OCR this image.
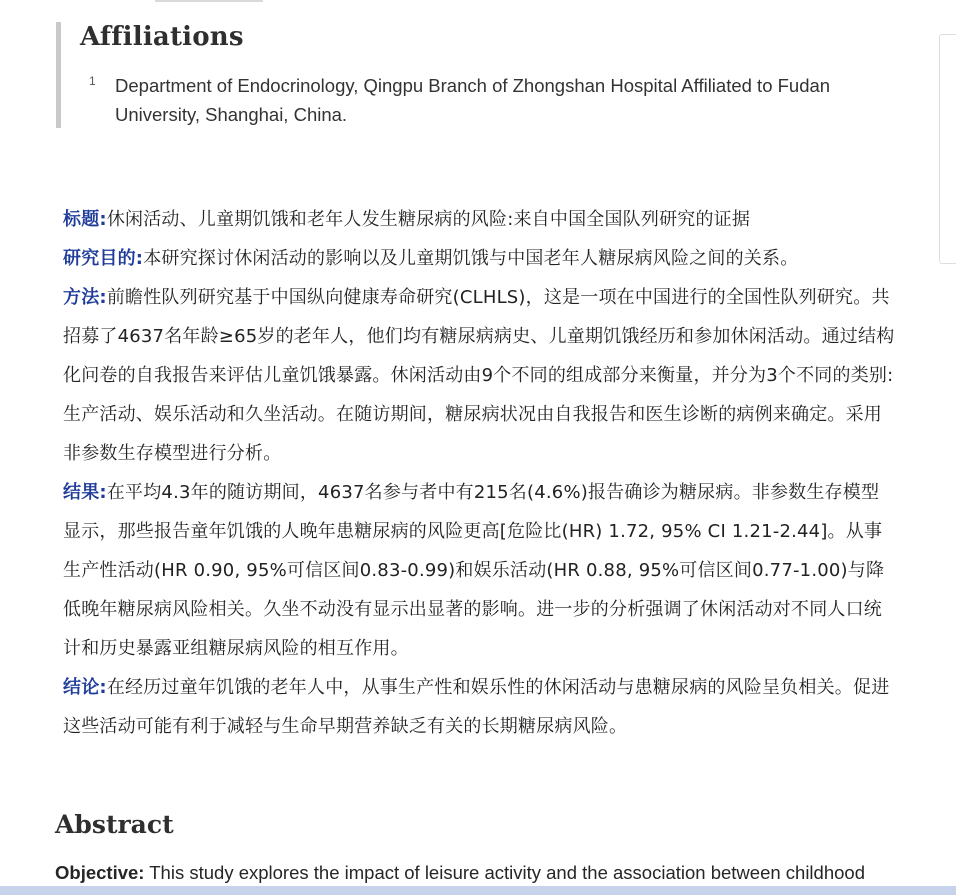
Affiliations
1 Department of Endocrinology, Qingpu Branch of Zhongshan Hospital Affiliated to Fudan University, Shanghai, China.

标题:休闲活动、儿童期饥饿和老年人发生糖尿病的风险:来自中国全国队列研究的证据

研究目的:本研究探讨休闲活动的影响以及儿童期饥饿与中国老年人糖尿病风险之间的关系。

方法:前瞻性队列研究基于中国纵向健康寿命研究(CLHLS)，这是一项在中国进行的全国性队列研究。共招募了4637名年龄≥65岁的老年人，他们均有糖尿病病史、儿童期饥饿经历和参加休闲活动。通过结构化问卷的自我报告来评估儿童饥饿暴露。休闲活动由9个不同的组成部分来衡量，并分为3个不同的类别:生产活动、娱乐活动和久坐活动。在随访期间，糖尿病状况由自我报告和医生诊断的病例来确定。采用非参数生存模型进行分析。

结果:在平均4.3年的随访期间，4637名参与者中有215名(4.6%)报告确诊为糖尿病。非参数生存模型显示，那些报告童年饥饿的人晚年患糖尿病的风险更高[危险比(HR) 1.72, 95% CI 1.21-2.44]。从事生产性活动(HR 0.90, 95%可信区间0.83-0.99)和娱乐活动(HR 0.88, 95%可信区间0.77-1.00)与降低晚年糖尿病风险相关。久坐不动没有显示出显著的影响。进一步的分析强调了休闲活动对不同人口统计和历史暴露亚组糖尿病风险的相互作用。

结论:在经历过童年饥饿的老年人中，从事生产性和娱乐性的休闲活动与患糖尿病的风险呈负相关。促进这些活动可能有利于减轻与生命早期营养缺乏有关的长期糖尿病风险。

Abstract

Objective: This study explores the impact of leisure activity and the association between childhood
